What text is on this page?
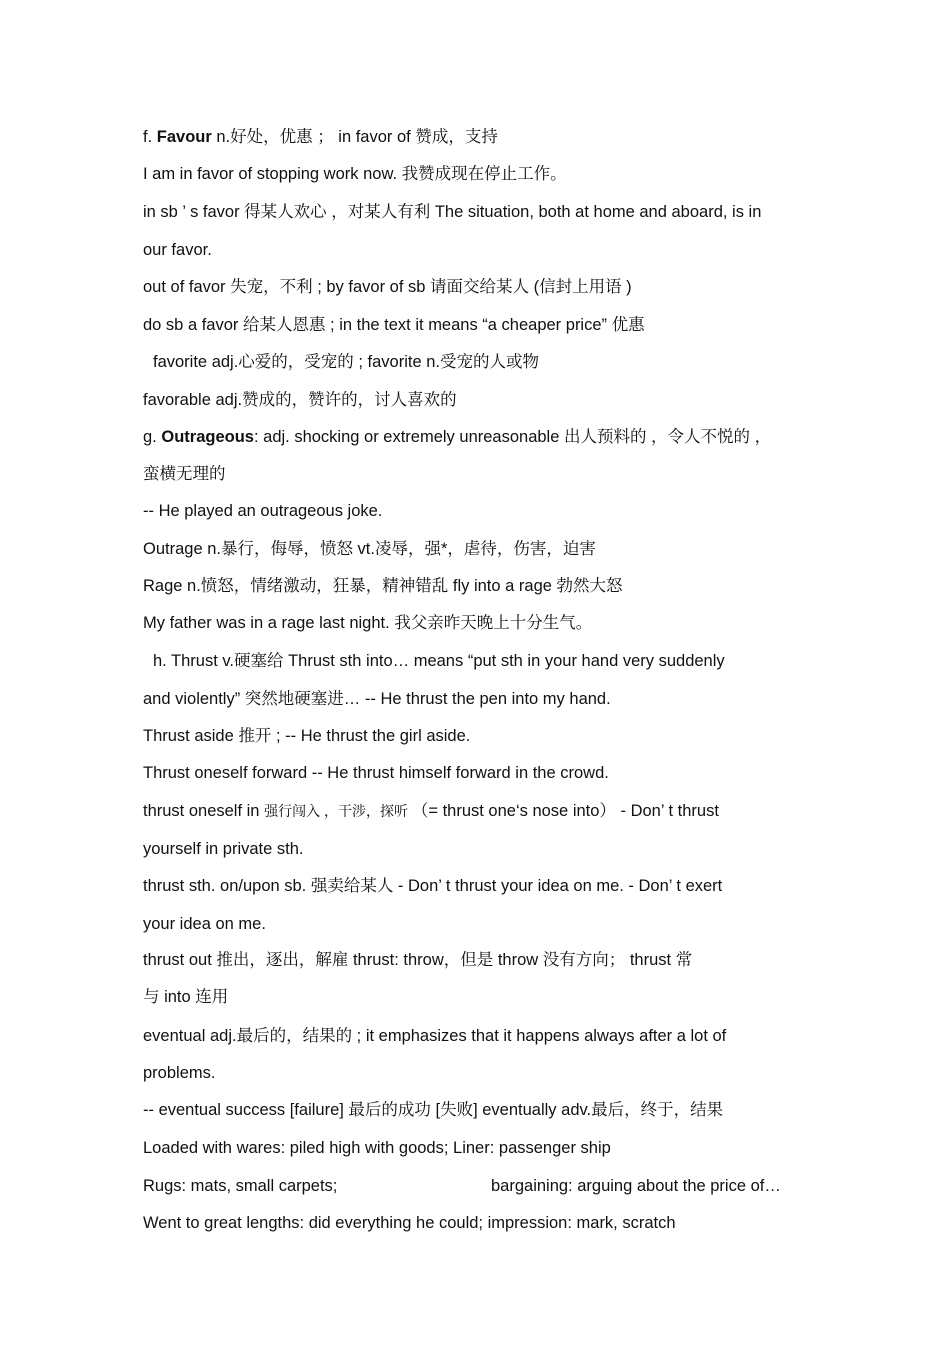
f. Favour n.好处，优惠 ； in favor of 赞成，支持
I am in favor of stopping work now. 我赞成现在停止工作。
in sb ’ s favor 得某人欢心 ，对某人有利 The situation, both at home and aboard, is in
our favor.
out of favor 失宠，不利 ; by favor of sb 请面交给某人 (信封上用语 )
do sb a favor 给某人恩惠 ; in the text it means “a cheaper price” 优惠
favorite adj.心爱的，受宠的 ; favorite n.受宠的人或物
favorable adj.赞成的，赞许的，讨人喜欢的
g. Outrageous: adj. shocking or extremely unreasonable 出人预料的 ，令人不悦的 ，
蛮横无理的
-- He played an outrageous joke.
Outrage n.暴行，侮辱，愤怒 vt.凌辱，强*，虐待，伤害，迫害
Rage n.愤怒，情绪激动，狂暴，精神错乱 fly into a rage 勃然大怒
My father was in a rage last night. 我父亲昨天晚上十分生气。
h. Thrust v.硬塞给 Thrust sth into… means “put sth in your hand very suddenly
and violently” 突然地硬塞进… -- He thrust the pen into my hand.
Thrust aside 推开 ; -- He thrust the girl aside.
Thrust oneself forward -- He thrust himself forward in the crowd.
thrust oneself in 强行闯入 ，干涉，探听 （= thrust one‘s nose into） - Don’ t thrust
yourself in private sth.
thrust sth. on/upon sb. 强卖给某人 - Don’ t thrust your idea on me. - Don’ t exert
your idea on me.
thrust out 推出，逐出，解雇 thrust: throw，但是 throw 没有方向； thrust 常
与 into 连用
eventual adj.最后的，结果的 ; it emphasizes that it happens always after a lot of
problems.
-- eventual success [failure] 最后的成功 [失败] eventually adv.最后，终于，结果
Loaded with wares: piled high with goods; Liner: passenger ship
Rugs: mats, small carpets;	bargaining: arguing about the price of…
Went to great lengths: did everything he could; impression: mark, scratch
